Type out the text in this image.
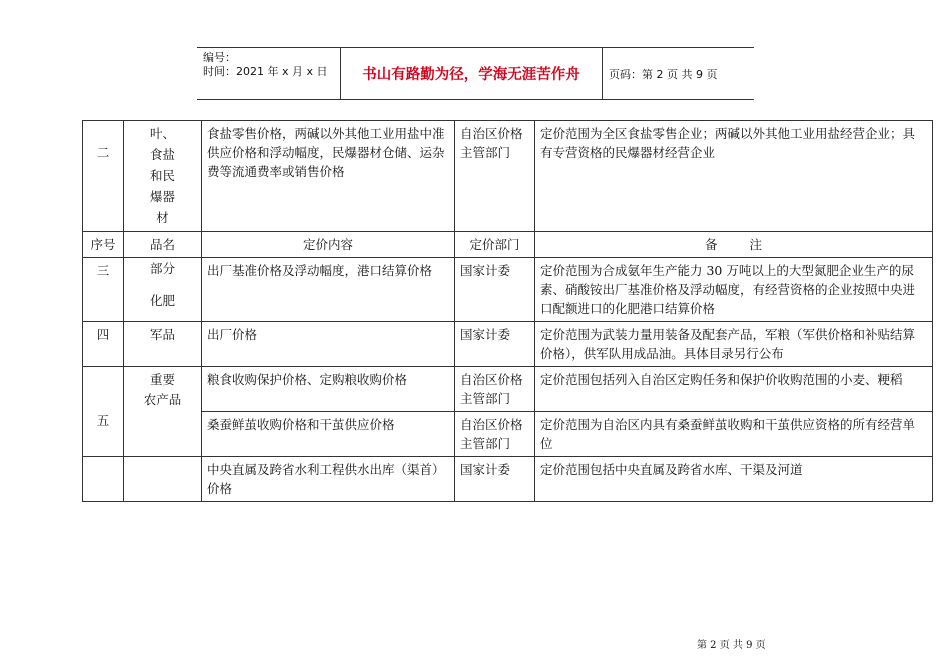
编号：
时间：2021 年 x 月 x 日	书山有路勤为径，学海无涯苦作舟	页码：第 2 页 共 9 页
二	叶、
食盐
和民
爆器
材	食盐零售价格，两碱以外其他工业用盐中准供应价格和浮动幅度，民爆器材仓储、运杂费等流通费率或销售价格	自治区价格主管部门	定价范围为全区食盐零售企业；两碱以外其他工业用盐经营企业；具有专营资格的民爆器材经营企业
序号	品名	定价内容	定价部门	备 注

三	部分

化肥	出厂基准价格及浮动幅度，港口结算价格	国家计委	定价范围为合成氨年生产能力 30 万吨以上的大型氮肥企业生产的尿素、硝酸铵出厂基准价格及浮动幅度，有经营资格的企业按照中央进口配额进口的化肥港口结算价格
四	军品	出厂价格	国家计委	定价范围为武装力量用装备及配套产品，军粮（军供价格和补贴结算价格），供军队用成品油。具体目录另行公布
五	重要
农产品	粮食收购保护价格、定购粮收购价格	自治区价格主管部门	定价范围包括列入自治区定购任务和保护价收购范围的小麦、粳稻
		桑蚕鲜茧收购价格和干茧供应价格	自治区价格主管部门	定价范围为自治区内具有桑蚕鲜茧收购和干茧供应资格的所有经营单位
		中央直属及跨省水利工程供水出库（渠首）价格	国家计委	定价范围包括中央直属及跨省水库、干渠及河道
第 2 页 共 9 页
